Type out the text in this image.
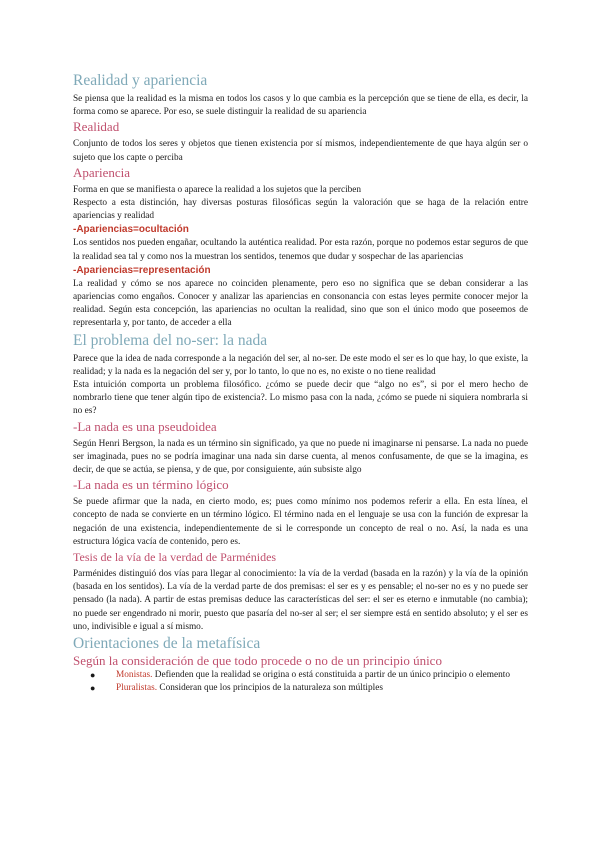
Realidad y apariencia

Se piensa que la realidad es la misma en todos los casos y lo que cambia es la percepción que se tiene de ella, es decir, la forma como se aparece. Por eso, se suele distinguir la realidad de su apariencia

Realidad

Conjunto de todos los seres y objetos que tienen existencia por sí mismos, independientemente de que haya algún ser o sujeto que los capte o perciba

Apariencia

Forma en que se manifiesta o aparece la realidad a los sujetos que la perciben

Respecto a esta distinción, hay diversas posturas filosóficas según la valoración que se haga de la relación entre apariencias y realidad

-Apariencias=ocultación

Los sentidos nos pueden engañar, ocultando la auténtica realidad. Por esta razón, porque no podemos estar seguros de que la realidad sea tal y como nos la muestran los sentidos, tenemos que dudar y sospechar de las apariencias

-Apariencias=representación

La realidad y cómo se nos aparece no coinciden plenamente, pero eso no significa que se deban considerar a las apariencias como engaños. Conocer y analizar las apariencias en consonancia con estas leyes permite conocer mejor la realidad. Según esta concepción, las apariencias no ocultan la realidad, sino que son el único modo que poseemos de representarla y, por tanto, de acceder a ella

El problema del no-ser: la nada

Parece que la idea de nada corresponde a la negación del ser, al no-ser. De este modo el ser es lo que hay, lo que existe, la realidad; y la nada es la negación del ser y, por lo tanto, lo que no es, no existe o no tiene realidad

Esta intuición comporta un problema filosófico. ¿cómo se puede decir que “algo no es”, si por el mero hecho de nombrarlo tiene que tener algún tipo de existencia?. Lo mismo pasa con la nada, ¿cómo se puede ni siquiera nombrarla si no es?

-La nada es una pseudoidea

Según Henri Bergson, la nada es un término sin significado, ya que no puede ni imaginarse ni pensarse. La nada no puede ser imaginada, pues no se podría imaginar una nada sin darse cuenta, al menos confusamente, de que se la imagina, es decir, de que se actúa, se piensa, y de que, por consiguiente, aún subsiste algo

-La nada es un término lógico

Se puede afirmar que la nada, en cierto modo, es; pues como mínimo nos podemos referir a ella. En esta línea, el concepto de nada se convierte en un término lógico. El término nada en el lenguaje se usa con la función de expresar la negación de una existencia, independientemente de si le corresponde un concepto de real o no. Así, la nada es una estructura lógica vacía de contenido, pero es.

Tesis de la vía de la verdad de Parménides

Parménides distinguió dos vías para llegar al conocimiento: la vía de la verdad (basada en la razón) y la vía de la opinión (basada en los sentidos). La vía de la verdad parte de dos premisas: el ser es y es pensable; el no-ser no es y no puede ser pensado (la nada). A partir de estas premisas deduce las características del ser: el ser es eterno e inmutable (no cambia); no puede ser engendrado ni morir, puesto que pasaría del no-ser al ser; el ser siempre está en sentido absoluto; y el ser es uno, indivisible e igual a sí mismo.

Orientaciones de la metafísica
Según la consideración de que todo procede o no de un principio único
● Monistas. Defienden que la realidad se origina o está constituida a partir de un único principio o elemento
● Pluralistas. Consideran que los principios de la naturaleza son múltiples
